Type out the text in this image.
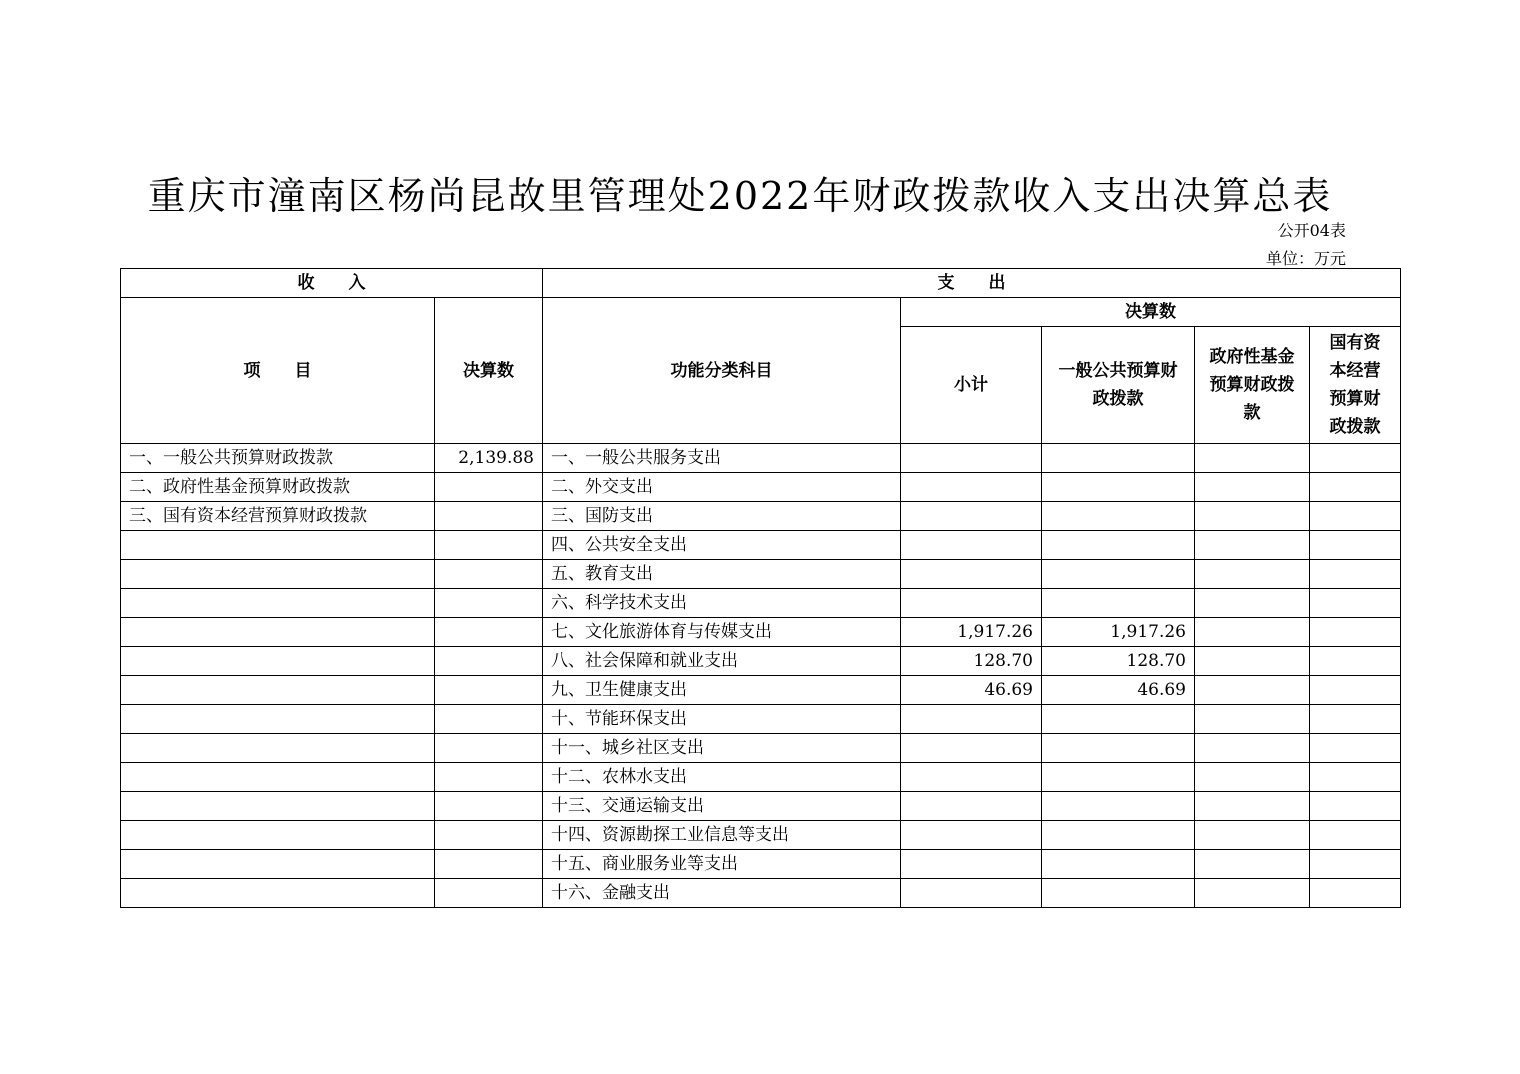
重庆市潼南区杨尚昆故里管理处2022年财政拨款收入支出决算总表
公开04表
单位：万元
收　　入		支　　出				
项　　目	决算数	功能分类科目	决算数			
			小计	一般公共预算财政拨款	政府性基金预算财政拨款	国有资本经营预算财政拨款
一、一般公共预算财政拨款	2,139.88	一、一般公共服务支出				
二、政府性基金预算财政拨款		二、外交支出				
三、国有资本经营预算财政拨款		三、国防支出				
		四、公共安全支出				
		五、教育支出				
		六、科学技术支出				
		七、文化旅游体育与传媒支出	1,917.26	1,917.26		
		八、社会保障和就业支出	128.70	128.70		
		九、卫生健康支出	46.69	46.69		
		十、节能环保支出				
		十一、城乡社区支出				
		十二、农林水支出				
		十三、交通运输支出				
		十四、资源勘探工业信息等支出				
		十五、商业服务业等支出				
		十六、金融支出				
